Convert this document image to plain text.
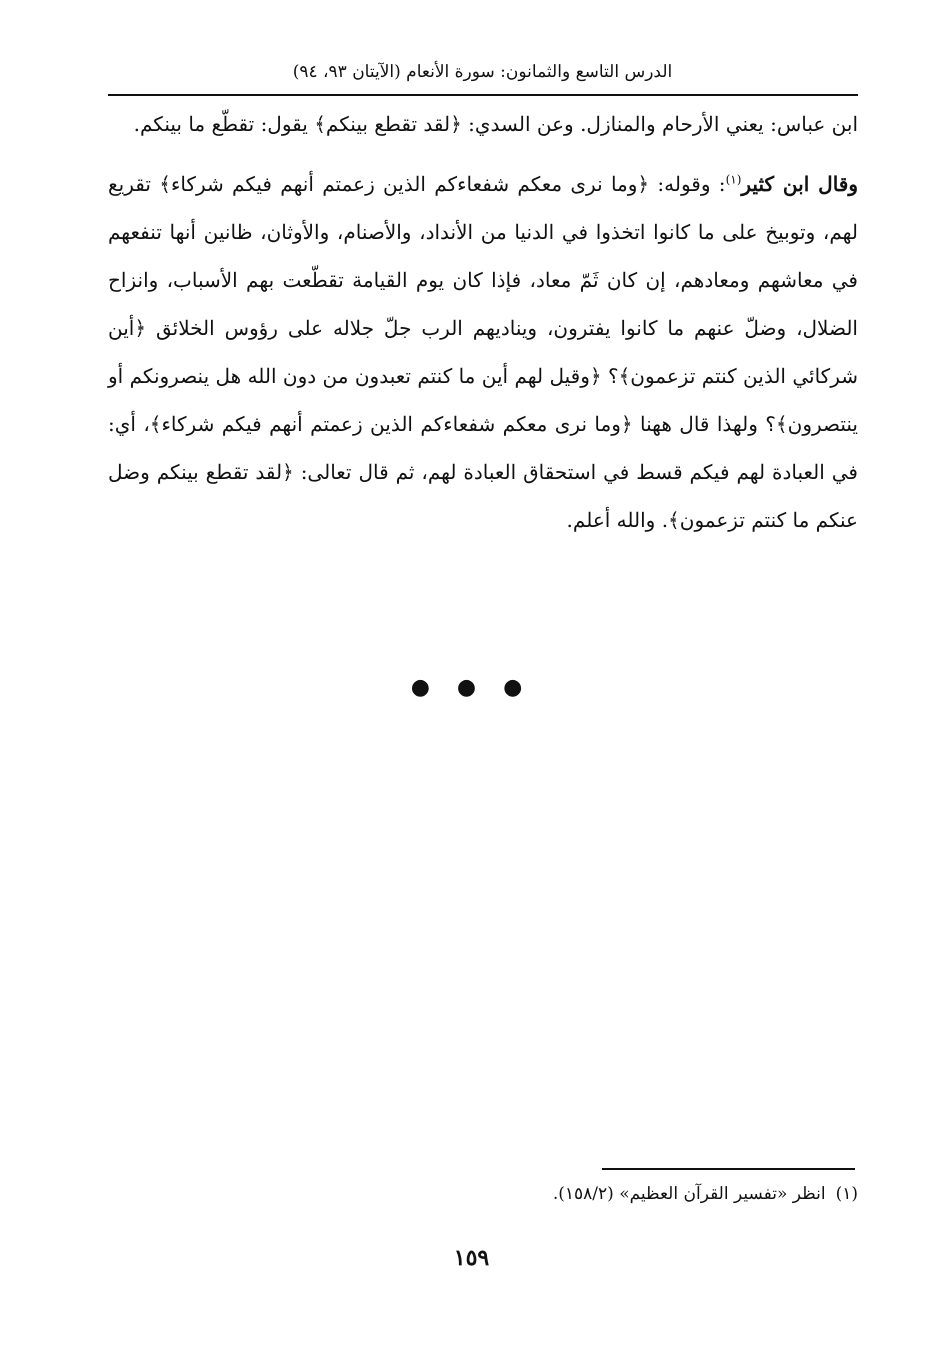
الدرس التاسع والثمانون: سورة الأنعام (الآيتان ٩٣، ٩٤)

ابن عباس: يعني الأرحام والمنازل. وعن السدي: ﴿لقد تقطع بينكم﴾ يقول: تقطّع ما بينكم.

وقال ابن كثير$^{(١)}$: وقوله: ﴿وما نرى معكم شفعاءكم الذين زعمتم أنهم فيكم شركاء﴾ تقريع لهم، وتوبيخ على ما كانوا اتخذوا في الدنيا من الأنداد، والأصنام، والأوثان، ظانين أنها تنفعهم في معاشهم ومعادهم، إن كان ثَمّ معاد، فإذا كان يوم القيامة تقطّعت بهم الأسباب، وانزاح الضلال، وضلّ عنهم ما كانوا يفترون، ويناديهم الرب جلّ جلاله على رؤوس الخلائق ﴿أين شركائي الذين كنتم تزعمون﴾؟ ﴿وقيل لهم أين ما كنتم تعبدون من دون الله هل ينصرونكم أو ينتصرون﴾؟ ولهذا قال ههنا ﴿وما نرى معكم شفعاءكم الذين زعمتم أنهم فيكم شركاء﴾، أي: في العبادة لهم فيكم قسط في استحقاق العبادة لهم، ثم قال تعالى: ﴿لقد تقطع بينكم وضل عنكم ما كنتم تزعمون﴾. والله أعلم.

● ● ●
(١)انظر «تفسير القرآن العظيم» (١٥٨/٢).
١٥٩
